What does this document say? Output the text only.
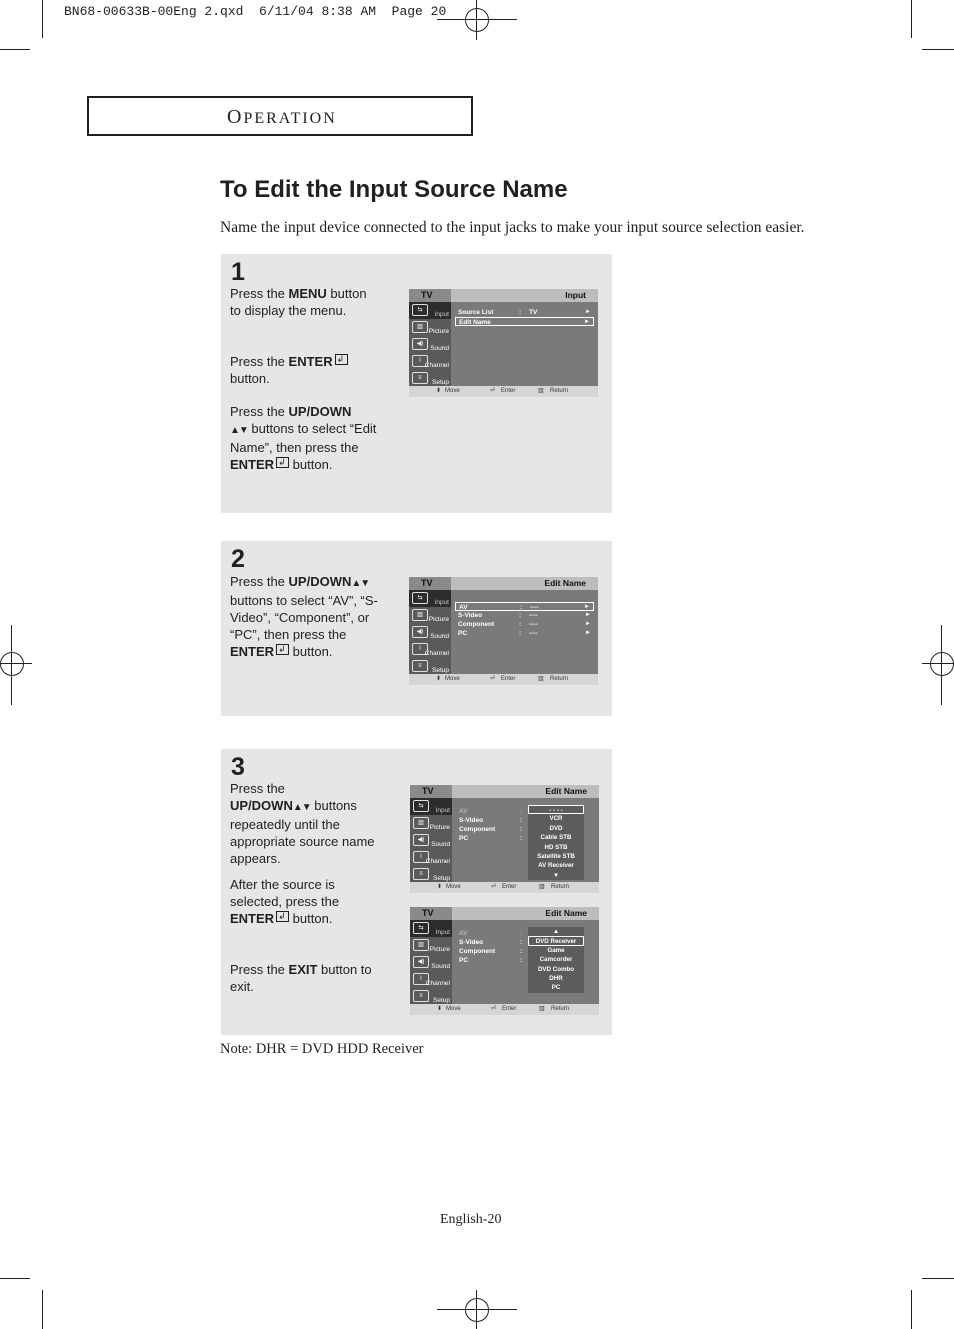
BN68-00633B-00Eng 2.qxd  6/11/04 8:38 AM  Page 20
OPERATION
To Edit the Input Source Name

Name the input device connected to the input jacks to make your input source selection easier.

1
Press the MENU button to display the menu.
Press the ENTER↲ button.
Press the UP/DOWN
▲▼ buttons to select “Edit Name”, then press the ENTER↲ button.
TV	Input
⇆
Input
▥
Picture
◀)
Sound
⌇
Channel
≡
Setup
Source List	: TV	►
Edit Name	►
⬍ Move	⏎ Enter	▥ Return
2
Press the UP/DOWN▲▼ buttons to select “AV”, “S-Video”, “Component”, or “PC”, then press the ENTER↲ button.
TV	Edit Name
⇆
Input
▥
Picture
◀)
Sound
⌇
Channel
≡
Setup
AV	: ----	►
S-Video	: ----	►
Component	: ----	►
PC	: ----	►
⬍ Move	⏎ Enter	▥ Return
3
Press the
UP/DOWN▲▼ buttons repeatedly until the appropriate source name appears.
After the source is selected, press the ENTER↲ button.
Press the EXIT button to exit.
TV	Edit Name
⇆
Input
▥
Picture
◀)
Sound
⌇
Channel
≡
Setup
AV	:
S-Video	:
Component	:
PC	:
- - - -
VCR
DVD
Cable STB
HD STB
Satellite STB
AV Receiver
▼
⬍ Move	⏎ Enter	▥ Return
TV	Edit Name
⇆
Input
▥
Picture
◀)
Sound
⌇
Channel
≡
Setup
AV	:
S-Video	:
Component	:
PC	:
▲
DVD Receiver
Game
Camcorder
DVD Combo
DHR
PC
⬍ Move	⏎ Enter	▥ Return
Note: DHR = DVD HDD Receiver
English-20
